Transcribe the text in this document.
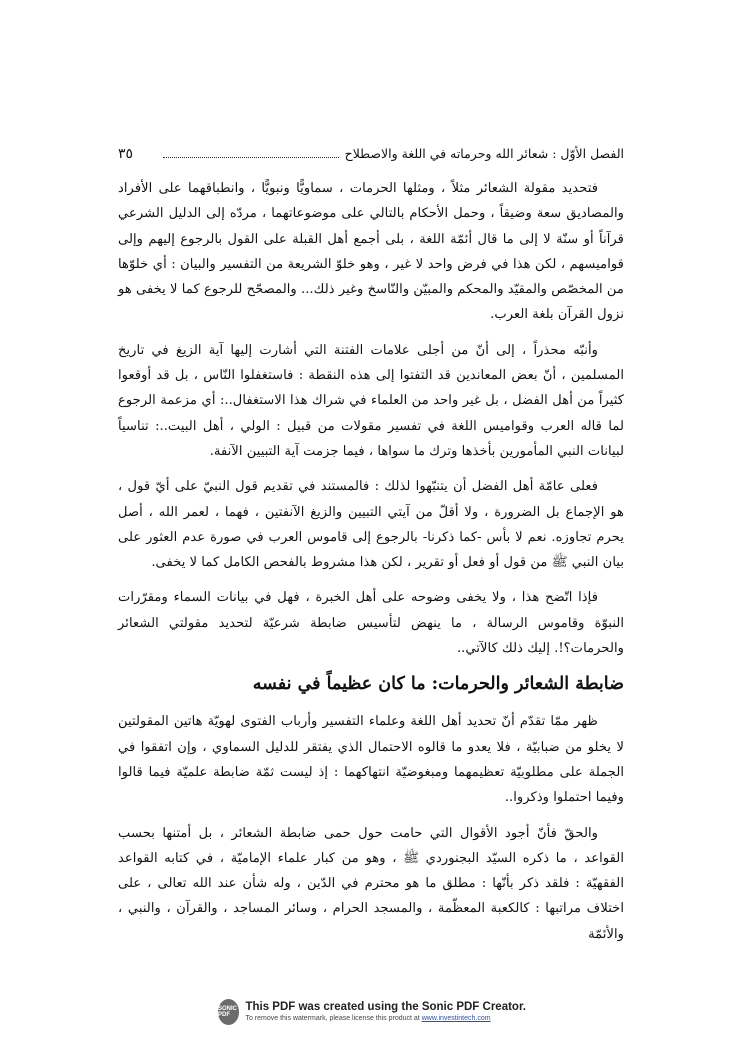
الفصل الأوّل : شعائر الله وحرماته في اللغة والاصطلاح
٣٥

فتحديد مقولة الشعائر مثلاً ، ومثلها الحرمات ، سماويًّا ونبويًّا ، وانطباقهما على الأفراد والمصاديق سعة وضيقاً ، وحمل الأحكام بالتالي على موضوعاتهما ، مردّه إلى الدليل الشرعي قرآناً أو سنّة لا إلى ما قال أئمّة اللغة ، بلى أجمع أهل القبلة على القول بالرجوع إليهم وإلى قواميسهم ، لكن هذا في فرض واحد لا غير ، وهو خلوّ الشريعة من التفسير والبيان : أي خلوّها من المخصّص والمقيّد والمحكم والمبيّن والنّاسخ وغير ذلك... والمصحّح للرجوع كما لا يخفى هو نزول القرآن بلغة العرب.

وأنبّه محذراً ، إلى أنّ من أجلى علامات الفتنة التي أشارت إليها آية الزيغ في تاريخ المسلمين ، أنّ بعض المعاندين قد التفتوا إلى هذه النقطة : فاستغفلوا النّاس ، بل قد أوقعوا كثيراً من أهل الفضل ، بل غير واحد من العلماء في شراك هذا الاستغفال..: أي مزعمة الرجوع لما قاله العرب وقواميس اللغة في تفسير مقولات من قبيل : الولي ، أهل البيت..: تناسياً لبيانات النبي المأمورين بأخذها وترك ما سواها ، فيما جزمت آية التبيين الآنفة.

فعلى عامّة أهل الفضل أن يتنبّهوا لذلك : فالمستند في تقديم قول النبيّ على أيّ قول ، هو الإجماع بل الضرورة ، ولا أقلّ من آيتي التبيين والزيغ الآنفتين ، فهما ، لعمر الله ، أصل يحرم تجاوزه. نعم لا بأس -كما ذكرنا- بالرجوع إلى قاموس العرب في صورة عدم العثور على بيان النبي ﷺ من قول أو فعل أو تقرير ، لكن هذا مشروط بالفحص الكامل كما لا يخفى.

فإذا اتّضح هذا ، ولا يخفى وضوحه على أهل الخبرة ، فهل في بيانات السماء ومقرّرات النبوّة وقاموس الرسالة ، ما ينهض لتأسيس ضابطة شرعيّة لتحديد مقولتي الشعائر والحرمات؟!. إليك ذلك كالآتي..

ضابطة الشعائر والحرمات: ما كان عظيماً في نفسه

ظهر ممّا تقدّم أنّ تحديد أهل اللغة وعلماء التفسير وأرباب الفتوى لهويّة هاتين المقولتين لا يخلو من ضبابيّة ، فلا يعدو ما قالوه الاحتمال الذي يفتقر للدليل السماوي ، وإن اتفقوا في الجملة على مطلوبيّة تعظيمهما ومبغوضيّة انتهاكهما : إذ ليست ثمّة ضابطة علميّة فيما قالوا وفيما احتملوا وذكروا..

والحقّ فأنّ أجود الأقوال التي حامت حول حمى ضابطة الشعائر ، بل أمتنها بحسب القواعد ، ما ذكره السيّد البجنوردي ﷺ ، وهو من كبار علماء الإماميّة ، في كتابه القواعد الفقهيّة : فلقد ذكر بأنّها : مطلق ما هو محترم في الدّين ، وله شأن عند الله تعالى ، على اختلاف مراتبها : كالكعبة المعظّمة ، والمسجد الحرام ، وسائر المساجد ، والقرآن ، والنبي ، والأئمّة

SONIC PDF
This PDF was created using the Sonic PDF Creator.
To remove this watermark, please license this product at www.investintech.com
